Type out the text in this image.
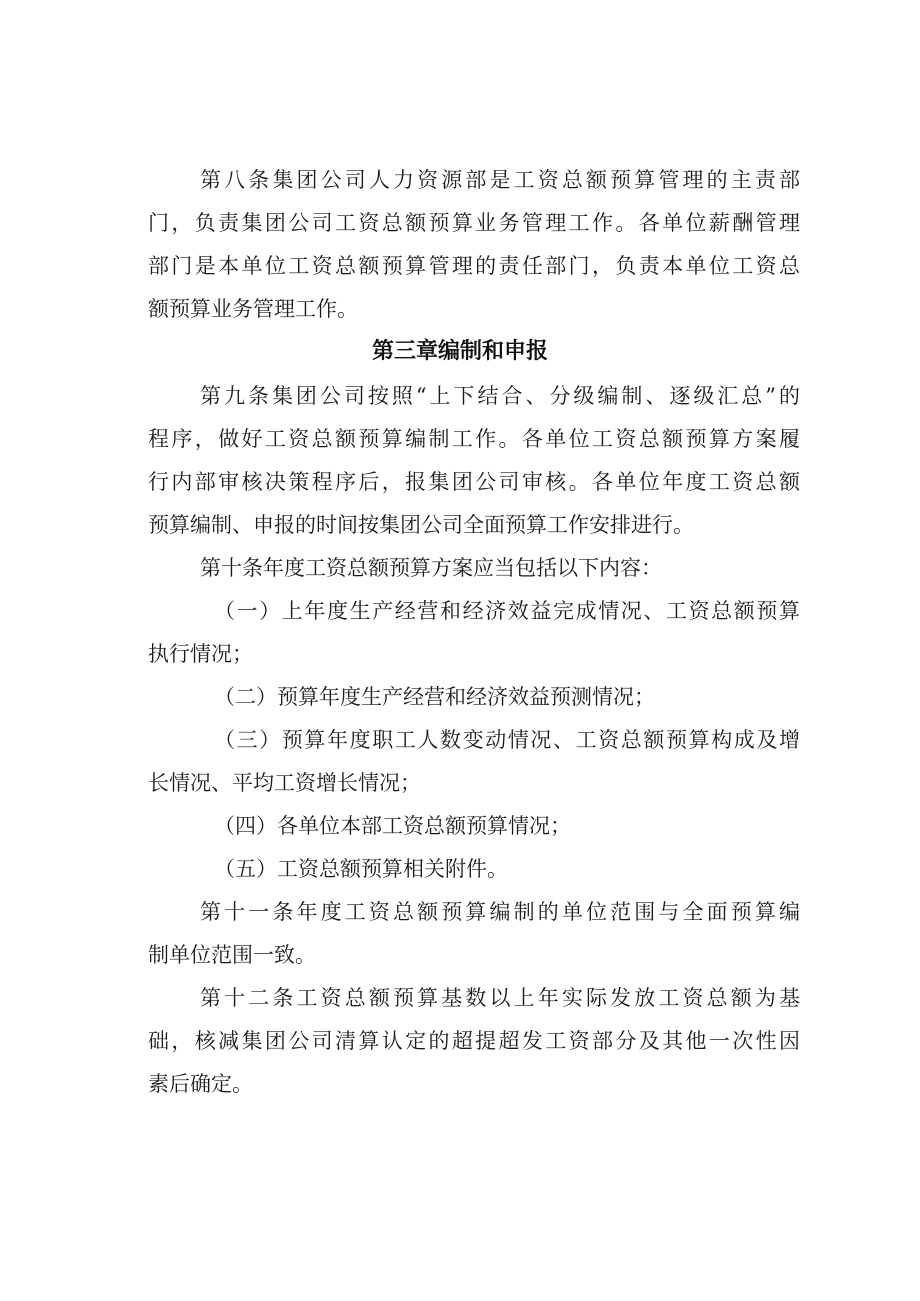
第八条集团公司人力资源部是工资总额预算管理的主责部
门，负责集团公司工资总额预算业务管理工作。各单位薪酬管理
部门是本单位工资总额预算管理的责任部门，负责本单位工资总
额预算业务管理工作。
第三章编制和申报
第九条集团公司按照“上下结合、分级编制、逐级汇总”的
程序，做好工资总额预算编制工作。各单位工资总额预算方案履
行内部审核决策程序后，报集团公司审核。各单位年度工资总额
预算编制、申报的时间按集团公司全面预算工作安排进行。
第十条年度工资总额预算方案应当包括以下内容：
（一）上年度生产经营和经济效益完成情况、工资总额预算
执行情况；
（二）预算年度生产经营和经济效益预测情况；
（三）预算年度职工人数变动情况、工资总额预算构成及增
长情况、平均工资增长情况；
（四）各单位本部工资总额预算情况；
（五）工资总额预算相关附件。
第十一条年度工资总额预算编制的单位范围与全面预算编
制单位范围一致。
第十二条工资总额预算基数以上年实际发放工资总额为基
础，核减集团公司清算认定的超提超发工资部分及其他一次性因
素后确定。
